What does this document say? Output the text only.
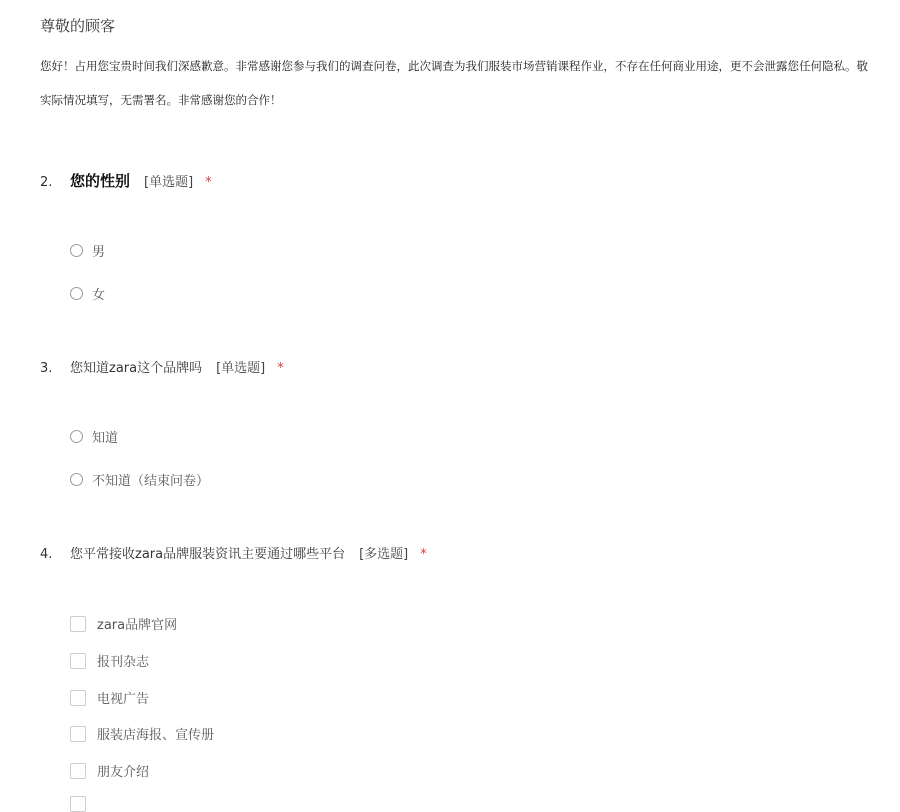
尊敬的顾客
您好！占用您宝贵时间我们深感歉意。非常感谢您参与我们的调查问卷，此次调查为我们服装市场营销课程作业，不存在任何商业用途，更不会泄露您任何隐私。敬
实际情况填写，无需署名。非常感谢您的合作！
2. 您的性别 [单选题] *
男
女
3. 您知道zara这个品牌吗 [单选题] *
知道
不知道（结束问卷）
4. 您平常接收zara品牌服装资讯主要通过哪些平台 [多选题] *
zara品牌官网
报刊杂志
电视广告
服装店海报、宣传册
朋友介绍
